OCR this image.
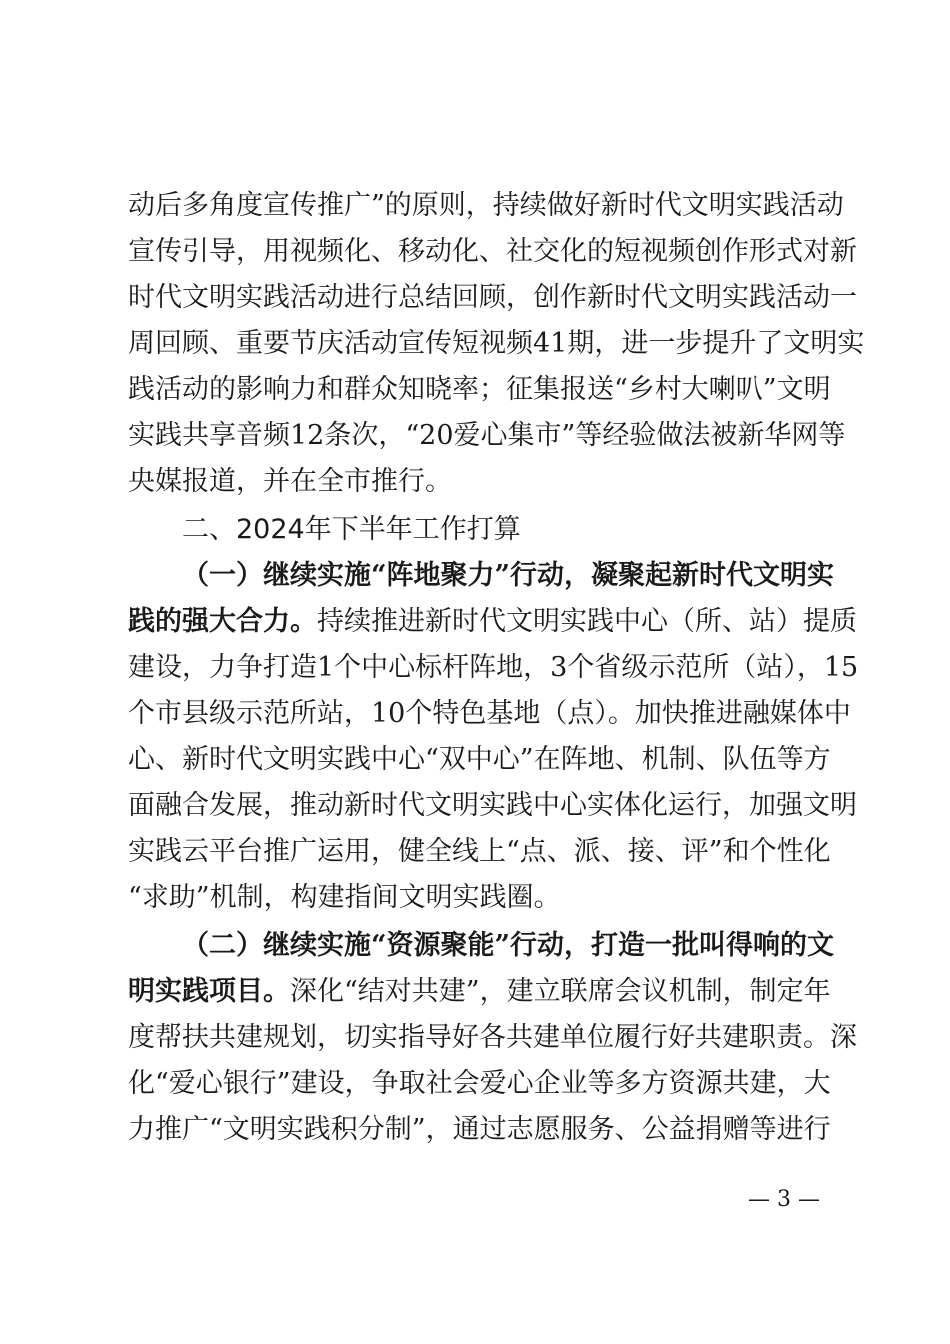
动后多角度宣传推广”的原则，持续做好新时代文明实践活动
宣传引导，用视频化、移动化、社交化的短视频创作形式对新
时代文明实践活动进行总结回顾，创作新时代文明实践活动一
周回顾、重要节庆活动宣传短视频41期，进一步提升了文明实
践活动的影响力和群众知晓率；征集报送“乡村大喇叭”文明
实践共享音频12条次，“20爱心集市”等经验做法被新华网等
央媒报道，并在全市推行。
二、2024年下半年工作打算
（一）继续实施“阵地聚力”行动，凝聚起新时代文明实
践的强大合力。持续推进新时代文明实践中心（所、站）提质
建设，力争打造1个中心标杆阵地，3个省级示范所（站），15
个市县级示范所站，10个特色基地（点）。加快推进融媒体中
心、新时代文明实践中心“双中心”在阵地、机制、队伍等方
面融合发展，推动新时代文明实践中心实体化运行，加强文明
实践云平台推广运用，健全线上“点、派、接、评”和个性化
“求助”机制，构建指间文明实践圈。
（二）继续实施“资源聚能”行动，打造一批叫得响的文
明实践项目。深化“结对共建”，建立联席会议机制，制定年
度帮扶共建规划，切实指导好各共建单位履行好共建职责。深
化“爱心银行”建设，争取社会爱心企业等多方资源共建，大
力推广“文明实践积分制”，通过志愿服务、公益捐赠等进行
— 3 —
